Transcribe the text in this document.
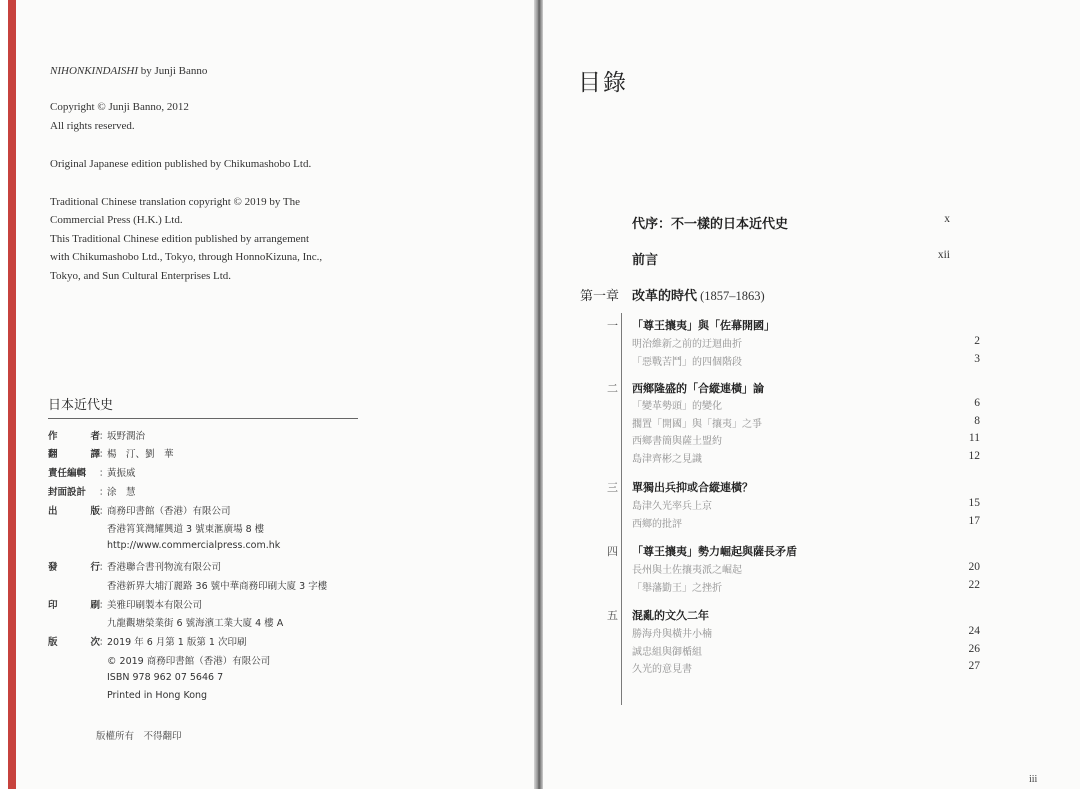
NIHONKINDAISHI by Junji Banno
Copyright © Junji Banno, 2012
All rights reserved.
Original Japanese edition published by Chikumashobo Ltd.
Traditional Chinese translation copyright © 2019 by The
Commercial Press (H.K.) Ltd.
This Traditional Chinese edition published by arrangement
with Chikumashobo Ltd., Tokyo, through HonnoKizuna, Inc.,
Tokyo, and Sun Cultural Enterprises Ltd.
日本近代史
作	者 ：
坂野潤治
翻	譯 ：
楊　汀、劉　華
責任編輯 ：
黃振威
封面設計 ：
涂　慧
出	版 ：
商務印書館（香港）有限公司
香港筲箕灣耀興道 3 號東滙廣場 8 樓
http://www.commercialpress.com.hk
發	行 ：
香港聯合書刊物流有限公司
香港新界大埔汀麗路 36 號中華商務印刷大廈 3 字樓
印	刷 ：
美雅印刷製本有限公司
九龍觀塘榮業街 6 號海濱工業大廈 4 樓 A
版	次 ：
2019 年 6 月第 1 版第 1 次印刷
© 2019 商務印書館（香港）有限公司
ISBN 978 962 07 5646 7
Printed in Hong Kong
版權所有　不得翻印
目錄
代序：不一樣的日本近代史	x
前言	xii
第一章 改革的時代 (1857–1863)
一 「尊王攘夷」與「佐幕開國」
明治維新之前的迂迴曲折	2
「惡戰苦鬥」的四個階段	3
二 西鄉隆盛的「合縱連橫」論
「變革勢頭」的變化	6
擱置「開國」與「攘夷」之爭	8
西鄉書簡與薩土盟約	11
島津齊彬之見識	12
三 單獨出兵抑或合縱連橫？
島津久光率兵上京	15
西鄉的批評	17
四 「尊王攘夷」勢力崛起與薩長矛盾
長州與土佐攘夷派之崛起	20
「舉藩勤王」之挫折	22
五 混亂的文久二年
勝海舟與橫井小楠	24
誠忠組與御楯組	26
久光的意見書	27
iii
